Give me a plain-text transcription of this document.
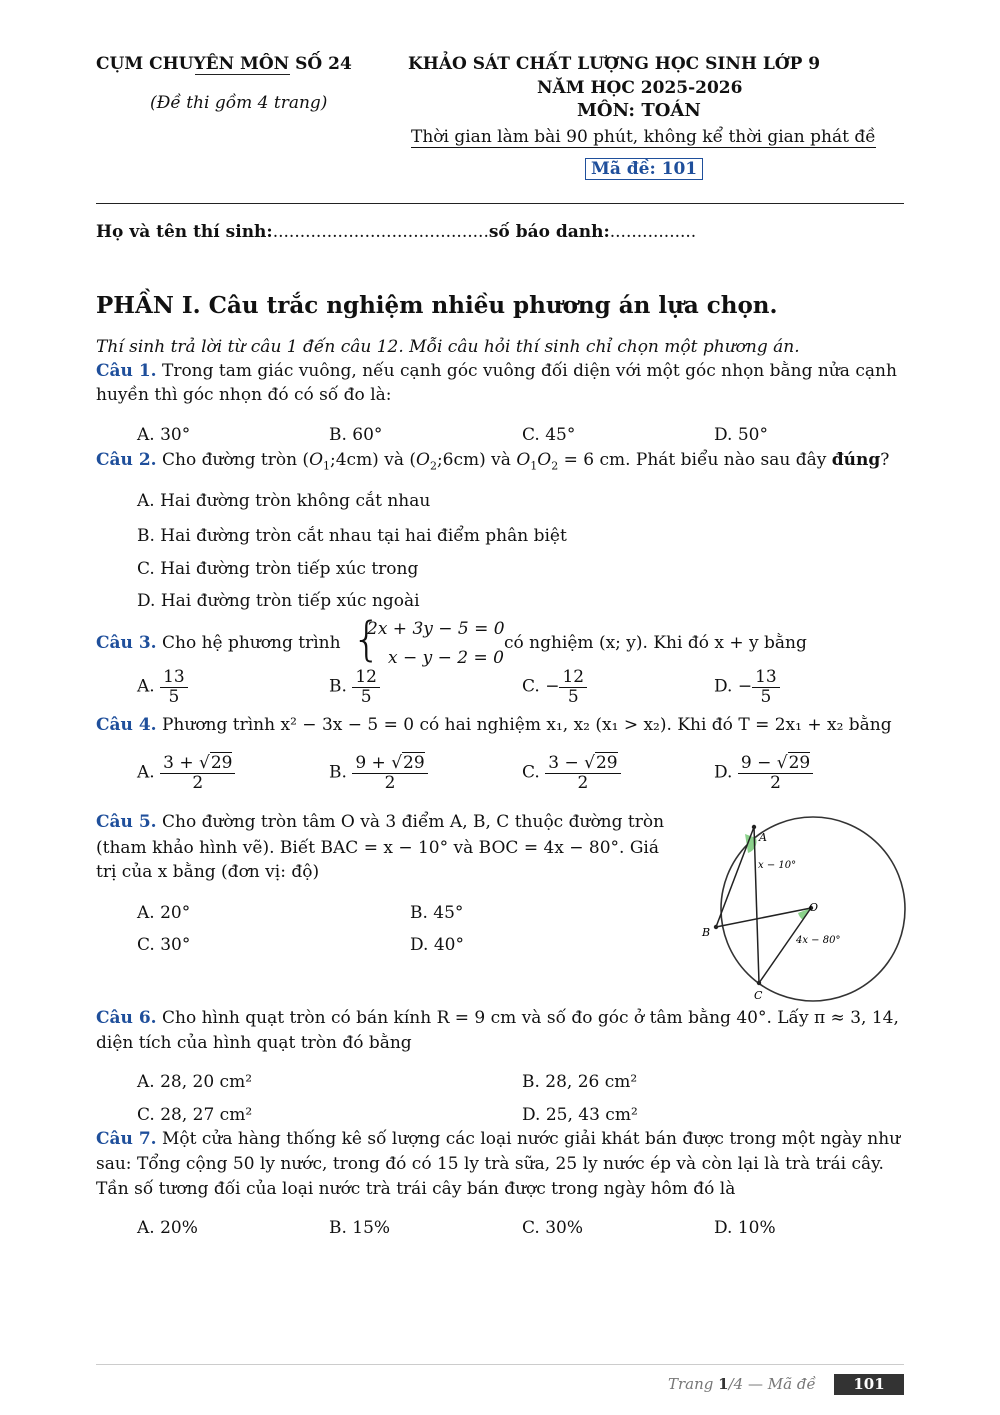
CỤM CHUYÊN MÔN SỐ 24
(Đề thi gồm 4 trang)
KHẢO SÁT CHẤT LƯỢNG HỌC SINH LỚP 9
NĂM HỌC 2025-2026
MÔN: TOÁN
Thời gian làm bài 90 phút, không kể thời gian phát đề
Mã đề: 101
Họ và tên thí sinh:........................................số báo danh:................
PHẦN I. Câu trắc nghiệm nhiều phương án lựa chọn.
Thí sinh trả lời từ câu 1 đến câu 12. Mỗi câu hỏi thí sinh chỉ chọn một phương án.
Câu 1. Trong tam giác vuông, nếu cạnh góc vuông đối diện với một góc nhọn bằng nửa cạnh
huyền thì góc nhọn đó có số đo là:
A. 30°	B. 60°	C. 45°	D. 50°
Câu 2. Cho đường tròn $(O_1;4cm)$ và $(O_2;6cm)$ và $O_1O_2 = 6$ cm. Phát biểu nào sau đây đúng?
A. Hai đường tròn không cắt nhau
B. Hai đường tròn cắt nhau tại hai điểm phân biệt
C. Hai đường tròn tiếp xúc trong
D. Hai đường tròn tiếp xúc ngoài
Câu 3. Cho hệ phương trình {
2x + 3y − 5 = 0
x − y − 2 = 0
có nghiệm (x; y). Khi đó x + y bằng
A. $\frac{13}{5}$	B. $\frac{12}{5}$	C. − $\frac{12}{5}$	D. − $\frac{13}{5}$
Câu 4. Phương trình x² − 3x − 5 = 0 có hai nghiệm x₁, x₂ (x₁ > x₂). Khi đó T = 2x₁ + x₂ bằng
A. $\frac{3 + √29}{2}$	B. $\frac{9 + √29}{2}$	C. $\frac{3 - √29}{2}$	D. $\frac{9 - √29}{2}$
Câu 5. Cho đường tròn tâm O và 3 điểm A, B, C thuộc đường tròn
(tham khảo hình vẽ). Biết BAC = x − 10° và BOC = 4x − 80°. Giá
trị của x bằng (đơn vị: độ)
A. 20°	B. 45°
C. 30°	D. 40°
A
B
C
O
x − 10°
4x − 80°
Câu 6. Cho hình quạt tròn có bán kính R = 9 cm và số đo góc ở tâm bằng 40°. Lấy π ≈ 3, 14,
diện tích của hình quạt tròn đó bằng
A. 28, 20 cm²	B. 28, 26 cm²
C. 28, 27 cm²	D. 25, 43 cm²
Câu 7. Một cửa hàng thống kê số lượng các loại nước giải khát bán được trong một ngày như
sau: Tổng cộng 50 ly nước, trong đó có 15 ly trà sữa, 25 ly nước ép và còn lại là trà trái cây.
Tần số tương đối của loại nước trà trái cây bán được trong ngày hôm đó là
A. 20%	B. 15%	C. 30%	D. 10%
Trang 1/4 — Mã đề	101
